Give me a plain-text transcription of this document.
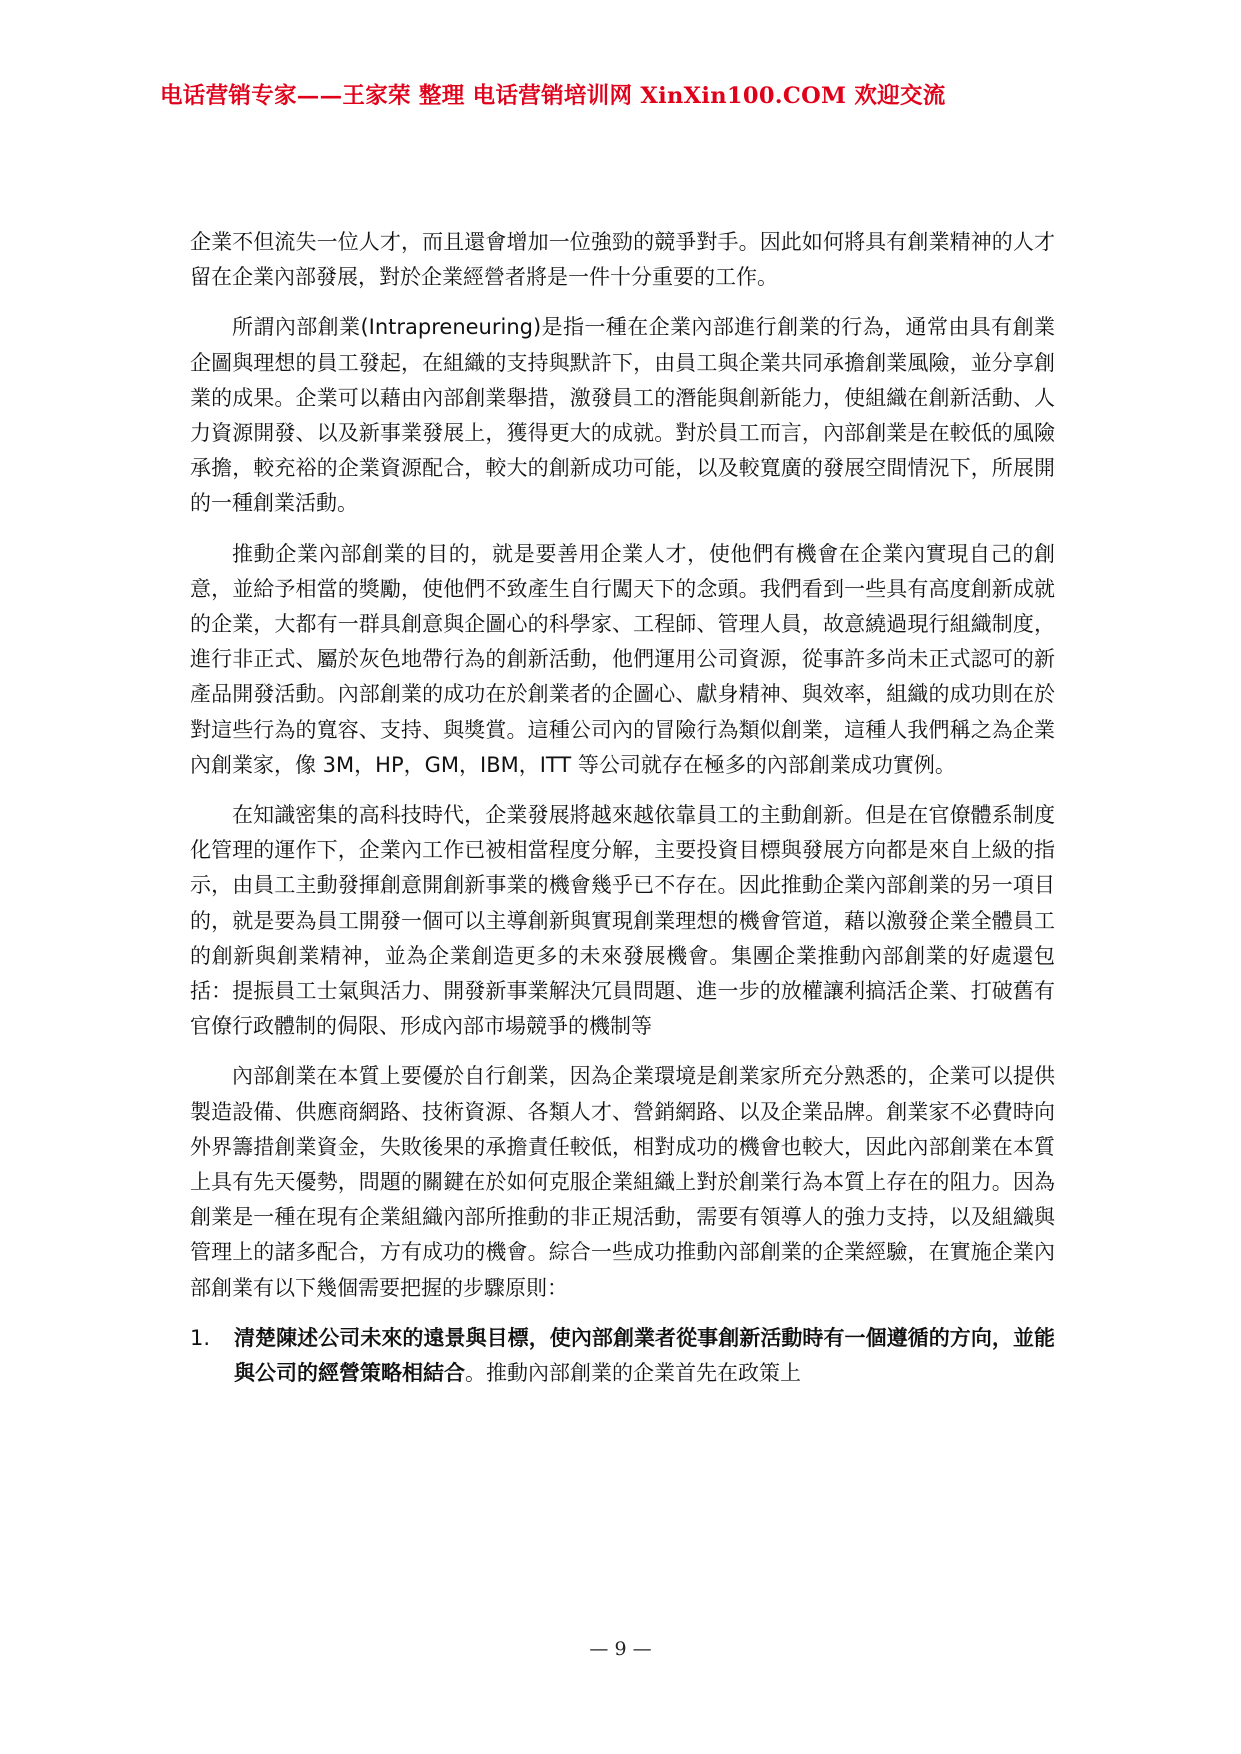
电话营销专家——王家荣 整理 电话营销培训网 XinXin100.COM 欢迎交流

企業不但流失一位人才，而且還會增加一位強勁的競爭對手。因此如何將具有創業精神的人才留在企業內部發展，對於企業經營者將是一件十分重要的工作。

所謂內部創業(Intrapreneuring)是指一種在企業內部進行創業的行為，通常由具有創業企圖與理想的員工發起，在組織的支持與默許下，由員工與企業共同承擔創業風險，並分享創業的成果。企業可以藉由內部創業舉措，激發員工的潛能與創新能力，使組織在創新活動、人力資源開發、以及新事業發展上，獲得更大的成就。對於員工而言，內部創業是在較低的風險承擔，較充裕的企業資源配合，較大的創新成功可能，以及較寬廣的發展空間情況下，所展開的一種創業活動。

推動企業內部創業的目的，就是要善用企業人才，使他們有機會在企業內實現自己的創意，並給予相當的獎勵，使他們不致產生自行闖天下的念頭。我們看到一些具有高度創新成就的企業，大都有一群具創意與企圖心的科學家、工程師、管理人員，故意繞過現行組織制度，進行非正式、屬於灰色地帶行為的創新活動，他們運用公司資源，從事許多尚未正式認可的新產品開發活動。內部創業的成功在於創業者的企圖心、獻身精神、與效率，組織的成功則在於對這些行為的寬容、支持、與獎賞。這種公司內的冒險行為類似創業，這種人我們稱之為企業內創業家，像 3M，HP，GM，IBM，ITT 等公司就存在極多的內部創業成功實例。

在知識密集的高科技時代，企業發展將越來越依靠員工的主動創新。但是在官僚體系制度化管理的運作下，企業內工作已被相當程度分解，主要投資目標與發展方向都是來自上級的指示，由員工主動發揮創意開創新事業的機會幾乎已不存在。因此推動企業內部創業的另一項目的，就是要為員工開發一個可以主導創新與實現創業理想的機會管道，藉以激發企業全體員工的創新與創業精神，並為企業創造更多的未來發展機會。集團企業推動內部創業的好處還包括：提振員工士氣與活力、開發新事業解決冗員問題、進一步的放權讓利搞活企業、打破舊有官僚行政體制的侷限、形成內部市場競爭的機制等

內部創業在本質上要優於自行創業，因為企業環境是創業家所充分熟悉的，企業可以提供製造設備、供應商網路、技術資源、各類人才、營銷網路、以及企業品牌。創業家不必費時向外界籌措創業資金，失敗後果的承擔責任較低，相對成功的機會也較大，因此內部創業在本質上具有先天優勢，問題的關鍵在於如何克服企業組織上對於創業行為本質上存在的阻力。因為創業是一種在現有企業組織內部所推動的非正規活動，需要有領導人的強力支持，以及組織與管理上的諸多配合，方有成功的機會。綜合一些成功推動內部創業的企業經驗，在實施企業內部創業有以下幾個需要把握的步驟原則：

1. 清楚陳述公司未來的遠景與目標，使內部創業者從事創新活動時有一個遵循的方向，並能與公司的經營策略相結合。推動內部創業的企業首先在政策上

— 9 —
